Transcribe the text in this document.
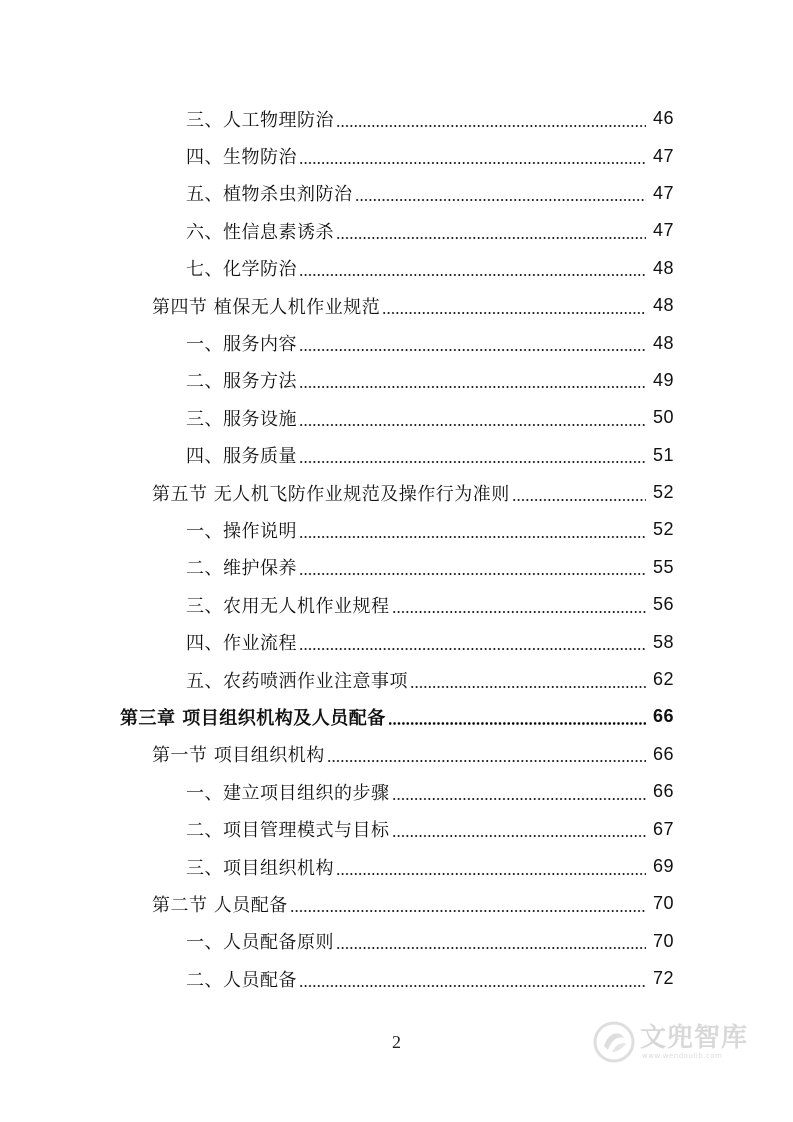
三、 人工物理防治	46
四、 生物防治	47
五、 植物杀虫剂防治	47
六、 性信息素诱杀	47
七、 化学防治	48
第四节 植保无人机作业规范	48
一、 服务内容	48
二、 服务方法	49
三、 服务设施	50
四、 服务质量	51
第五节 无人机飞防作业规范及操作行为准则	52
一、 操作说明	52
二、 维护保养	55
三、 农用无人机作业规程	56
四、 作业流程	58
五、 农药喷洒作业注意事项	62
第三章 项目组织机构及人员配备	66
第一节 项目组织机构	66
一、 建立项目组织的步骤	66
二、 项目管理模式与目标	67
三、 项目组织机构	69
第二节 人员配备	70
一、 人员配备原则	70
二、 人员配备	72
2	文兜智库
www.wendoulib.com
